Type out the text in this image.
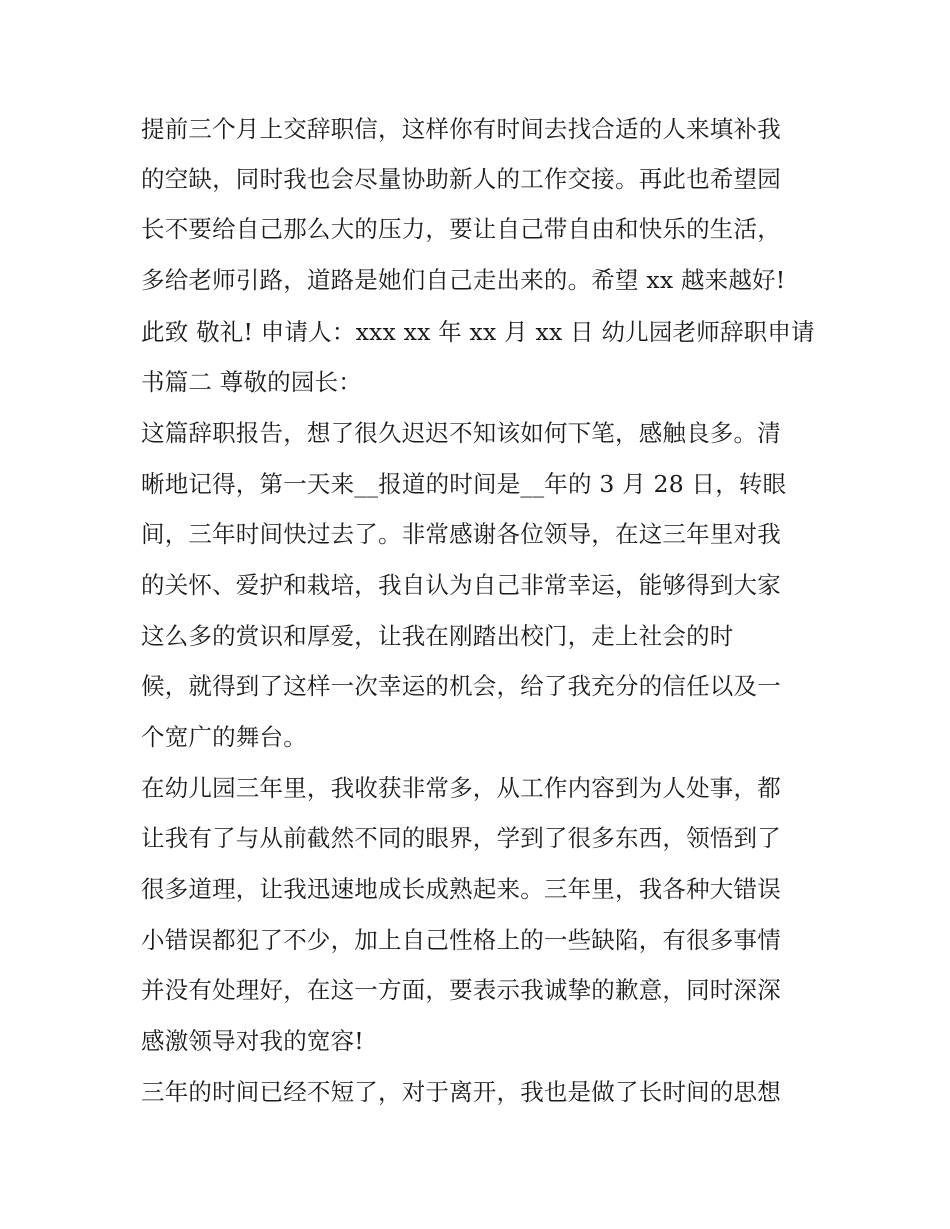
提前三个月上交辞职信，这样你有时间去找合适的人来填补我
的空缺，同时我也会尽量协助新人的工作交接。再此也希望园
长不要给自己那么大的压力，要让自己带自由和快乐的生活，
多给老师引路，道路是她们自己走出来的。希望 xx 越来越好!
此致 敬礼! 申请人：xxx xx 年 xx 月 xx 日 幼儿园老师辞职申请
书篇二 尊敬的园长：
这篇辞职报告，想了很久迟迟不知该如何下笔，感触良多。清
晰地记得，第一天来__报道的时间是__年的 3 月 28 日，转眼
间，三年时间快过去了。非常感谢各位领导，在这三年里对我
的关怀、爱护和栽培，我自认为自己非常幸运，能够得到大家
这么多的赏识和厚爱，让我在刚踏出校门，走上社会的时
候，就得到了这样一次幸运的机会，给了我充分的信任以及一
个宽广的舞台。
在幼儿园三年里，我收获非常多，从工作内容到为人处事，都
让我有了与从前截然不同的眼界，学到了很多东西，领悟到了
很多道理，让我迅速地成长成熟起来。三年里，我各种大错误
小错误都犯了不少，加上自己性格上的一些缺陷，有很多事情
并没有处理好，在这一方面，要表示我诚挚的歉意，同时深深
感激领导对我的宽容!
三年的时间已经不短了，对于离开，我也是做了长时间的思想
